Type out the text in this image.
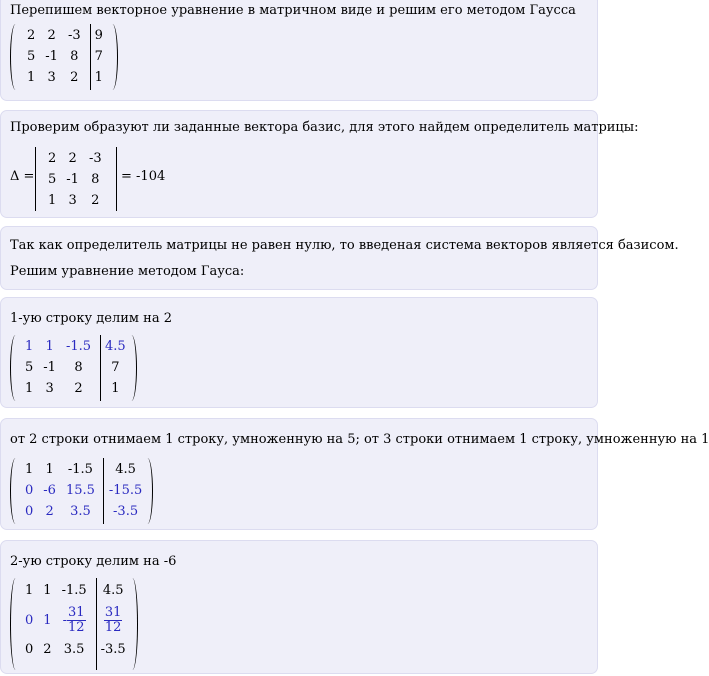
Перепишем векторное уравнение в матричном виде и решим его методом Гаусса
2	2	-3	9
5	-1	8	7
1	3	2	1
Проверим образуют ли заданные вектора базис, для этого найдем определитель матрицы:
Δ =
2	2	-3
5	-1	8
1	3	2
= -104
Так как определитель матрицы не равен нулю, то введеная система векторов является базисом.
Решим уравнение методом Гауса:
1-ую строку делим на 2
1	1	-1.5	4.5
5	-1	8	7
1	3	2	1
от 2 строки отнимаем 1 строку, умноженную на 5; от 3 строки отнимаем 1 строку, умноженную на 1
1	1	-1.5	4.5
0	-6	15.5	-15.5
0	2	3.5	-3.5
2-ую строку делим на -6
1	1	-1.5	4.5
0	1	- $\frac{31}{12}$	$\frac{31}{12}$

0	2	3.5	-3.5
